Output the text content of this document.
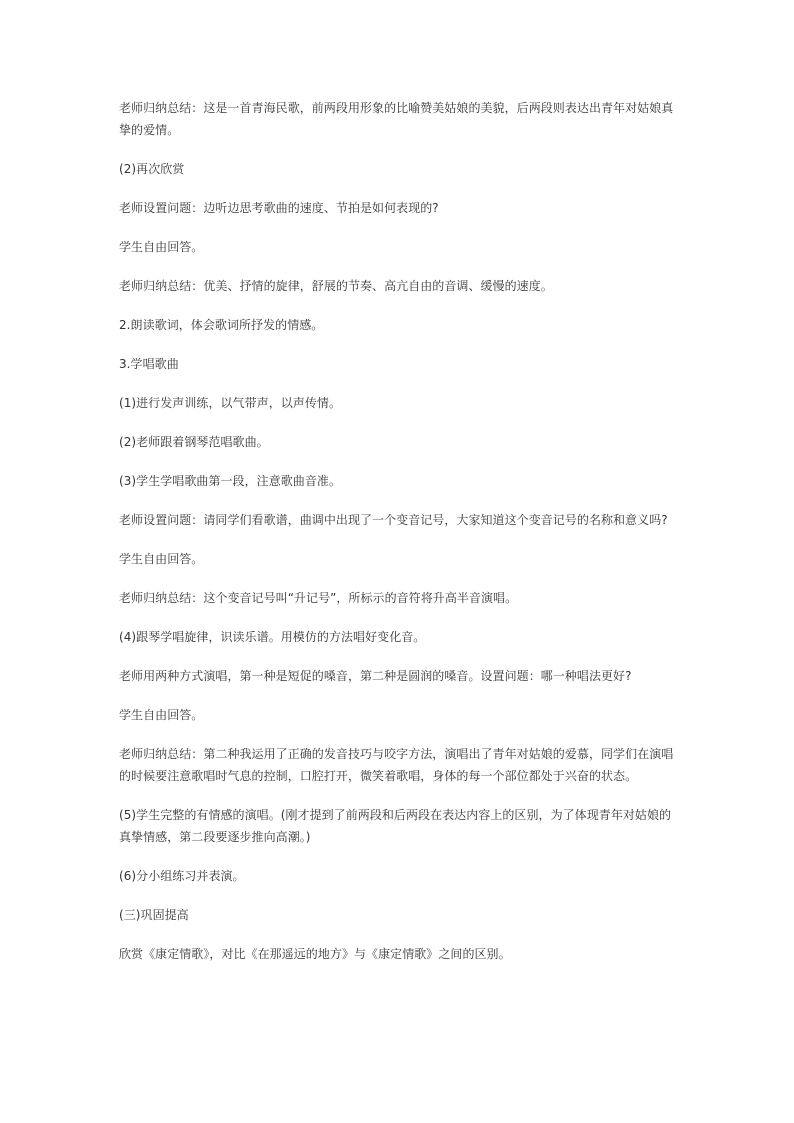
老师归纳总结：这是一首青海民歌，前两段用形象的比喻赞美姑娘的美貌，后两段则表达出青年对姑娘真挚的爱情。

(2)再次欣赏

老师设置问题：边听边思考歌曲的速度、节拍是如何表现的?

学生自由回答。

老师归纳总结：优美、抒情的旋律，舒展的节奏、高亢自由的音调、缓慢的速度。

2.朗读歌词，体会歌词所抒发的情感。

3.学唱歌曲

(1)进行发声训练，以气带声，以声传情。

(2)老师跟着钢琴范唱歌曲。

(3)学生学唱歌曲第一段，注意歌曲音准。

老师设置问题：请同学们看歌谱，曲调中出现了一个变音记号，大家知道这个变音记号的名称和意义吗?

学生自由回答。

老师归纳总结：这个变音记号叫“升记号”，所标示的音符将升高半音演唱。

(4)跟琴学唱旋律，识读乐谱。用模仿的方法唱好变化音。

老师用两种方式演唱，第一种是短促的嗓音，第二种是圆润的嗓音。设置问题：哪一种唱法更好?

学生自由回答。

老师归纳总结：第二种我运用了正确的发音技巧与咬字方法，演唱出了青年对姑娘的爱慕，同学们在演唱的时候要注意歌唱时气息的控制，口腔打开，微笑着歌唱，身体的每一个部位都处于兴奋的状态。

(5)学生完整的有情感的演唱。(刚才提到了前两段和后两段在表达内容上的区别，为了体现青年对姑娘的真挚情感，第二段要逐步推向高潮。)

(6)分小组练习并表演。

(三)巩固提高

欣赏《康定情歌》，对比《在那遥远的地方》与《康定情歌》之间的区别。
